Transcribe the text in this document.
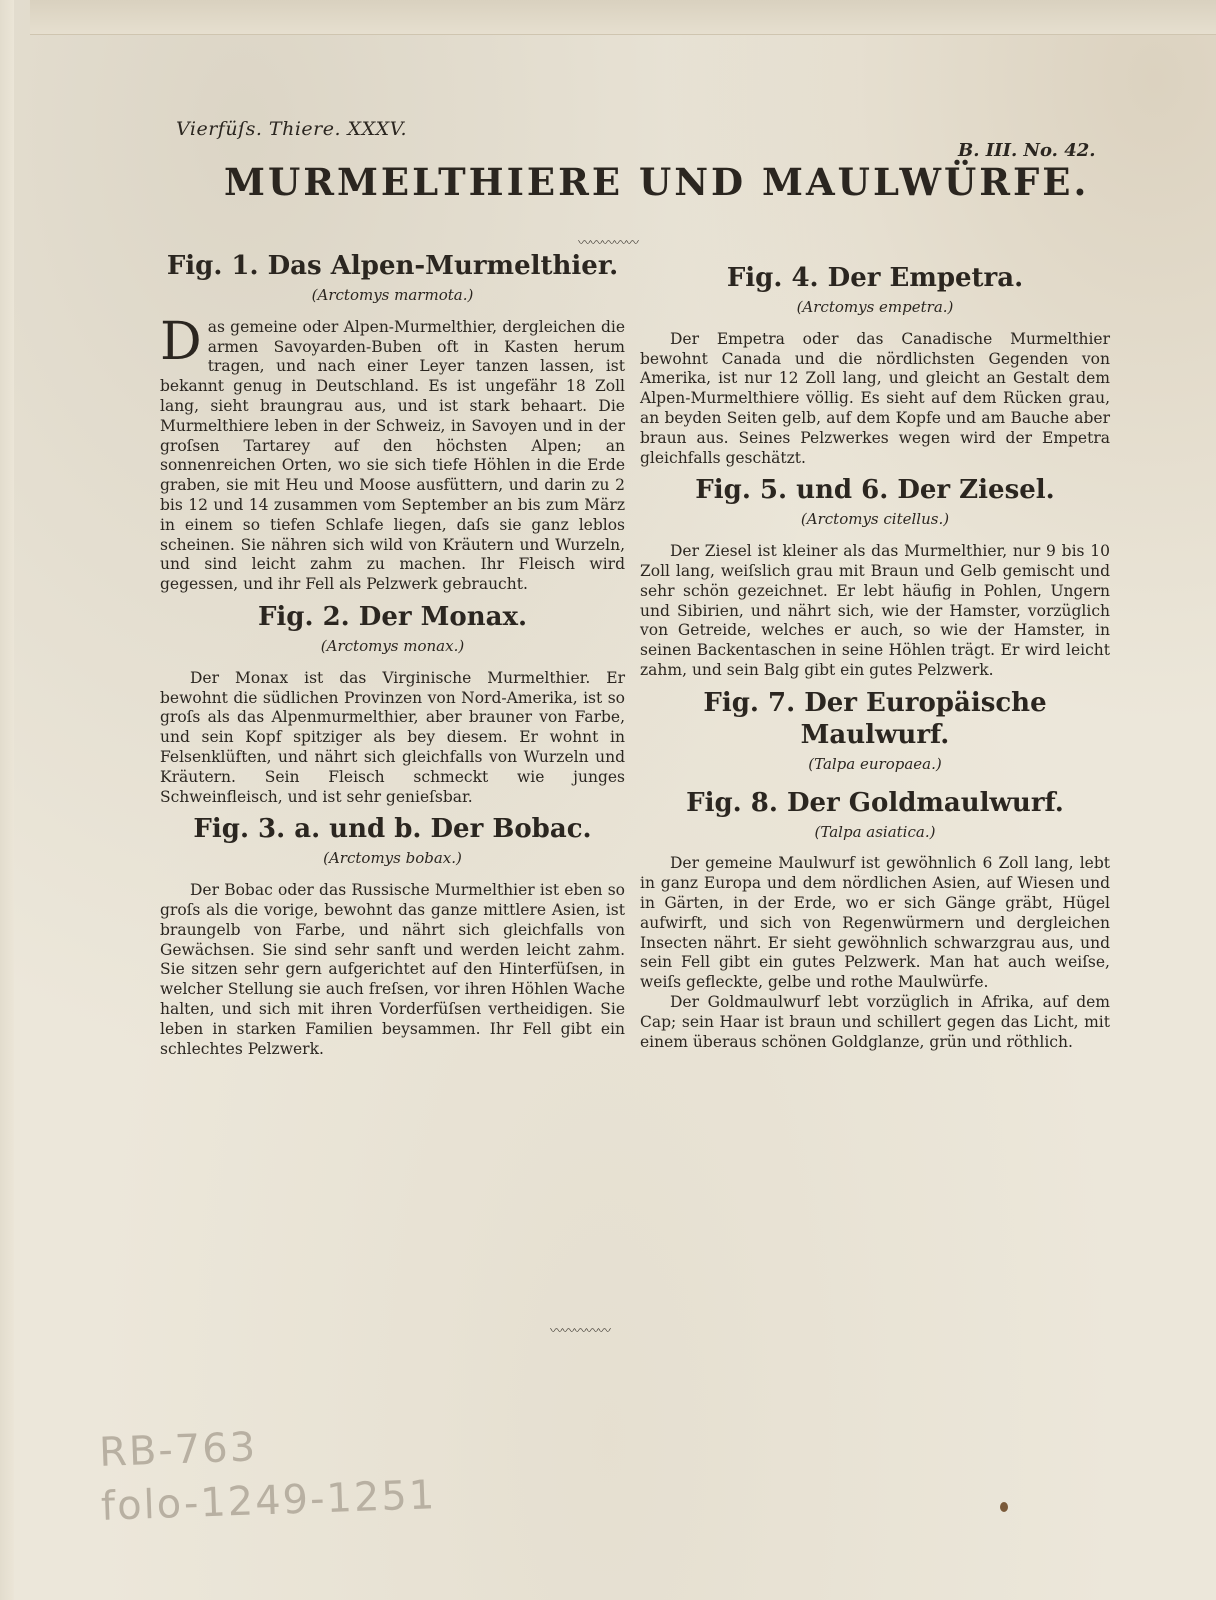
Vierfüſs. Thiere. XXXV.
B. III. No. 42.
MURMELTHIERE UND MAULWÜRFE.
〰〰〰〰〰
Fig. 1. Das Alpen-Murmelthier.
(Arctomys marmota.)

Das gemeine oder Alpen-Murmelthier, dergleichen die armen Savoyarden-Buben oft in Kasten herum tragen, und nach einer Leyer tanzen lassen, ist bekannt genug in Deutschland. Es ist ungefähr 18 Zoll lang, sieht braungrau aus, und ist stark behaart. Die Murmelthiere leben in der Schweiz, in Savoyen und in der groſsen Tartarey auf den höchsten Alpen; an sonnenreichen Orten, wo sie sich tiefe Höhlen in die Erde graben, sie mit Heu und Moose ausfüttern, und darin zu 2 bis 12 und 14 zusammen vom September an bis zum März in einem so tiefen Schlafe liegen, daſs sie ganz leblos scheinen. Sie nähren sich wild von Kräutern und Wurzeln, und sind leicht zahm zu machen. Ihr Fleisch wird gegessen, und ihr Fell als Pelzwerk gebraucht.

Fig. 2. Der Monax.
(Arctomys monax.)

Der Monax ist das Virginische Murmelthier. Er bewohnt die südlichen Provinzen von Nord-Amerika, ist so groſs als das Alpenmurmelthier, aber brauner von Farbe, und sein Kopf spitziger als bey diesem. Er wohnt in Felsenklüften, und nährt sich gleichfalls von Wurzeln und Kräutern. Sein Fleisch schmeckt wie junges Schweinfleisch, und ist sehr genieſsbar.

Fig. 3. a. und b. Der Bobac.
(Arctomys bobax.)

Der Bobac oder das Russische Murmelthier ist eben so groſs als die vorige, bewohnt das ganze mittlere Asien, ist braungelb von Farbe, und nährt sich gleichfalls von Gewächsen. Sie sind sehr sanft und werden leicht zahm. Sie sitzen sehr gern aufgerichtet auf den Hinterfüſsen, in welcher Stellung sie auch freſsen, vor ihren Höhlen Wache halten, und sich mit ihren Vorderfüſsen vertheidigen. Sie leben in starken Familien beysammen. Ihr Fell gibt ein schlechtes Pelzwerk.

Fig. 4. Der Empetra.
(Arctomys empetra.)

Der Empetra oder das Canadische Murmelthier bewohnt Canada und die nördlichsten Gegenden von Amerika, ist nur 12 Zoll lang, und gleicht an Gestalt dem Alpen-Murmelthiere völlig. Es sieht auf dem Rücken grau, an beyden Seiten gelb, auf dem Kopfe und am Bauche aber braun aus. Seines Pelzwerkes wegen wird der Empetra gleichfalls geschätzt.

Fig. 5. und 6. Der Ziesel.
(Arctomys citellus.)

Der Ziesel ist kleiner als das Murmelthier, nur 9 bis 10 Zoll lang, weiſslich grau mit Braun und Gelb gemischt und sehr schön gezeichnet. Er lebt häufig in Pohlen, Ungern und Sibirien, und nährt sich, wie der Hamster, vorzüglich von Getreide, welches er auch, so wie der Hamster, in seinen Backentaschen in seine Höhlen trägt. Er wird leicht zahm, und sein Balg gibt ein gutes Pelzwerk.

Fig. 7. Der Europäische Maulwurf.
(Talpa europaea.)
Fig. 8. Der Goldmaulwurf.
(Talpa asiatica.)

Der gemeine Maulwurf ist gewöhnlich 6 Zoll lang, lebt in ganz Europa und dem nördlichen Asien, auf Wiesen und in Gärten, in der Erde, wo er sich Gänge gräbt, Hügel aufwirft, und sich von Regenwürmern und dergleichen Insecten nährt. Er sieht gewöhnlich schwarzgrau aus, und sein Fell gibt ein gutes Pelzwerk. Man hat auch weiſse, weiſs gefleckte, gelbe und rothe Maulwürfe.

Der Goldmaulwurf lebt vorzüglich in Afrika, auf dem Cap; sein Haar ist braun und schillert gegen das Licht, mit einem überaus schönen Goldglanze, grün und röthlich.

〰〰〰〰〰
RB-763
folo-1249-1251
